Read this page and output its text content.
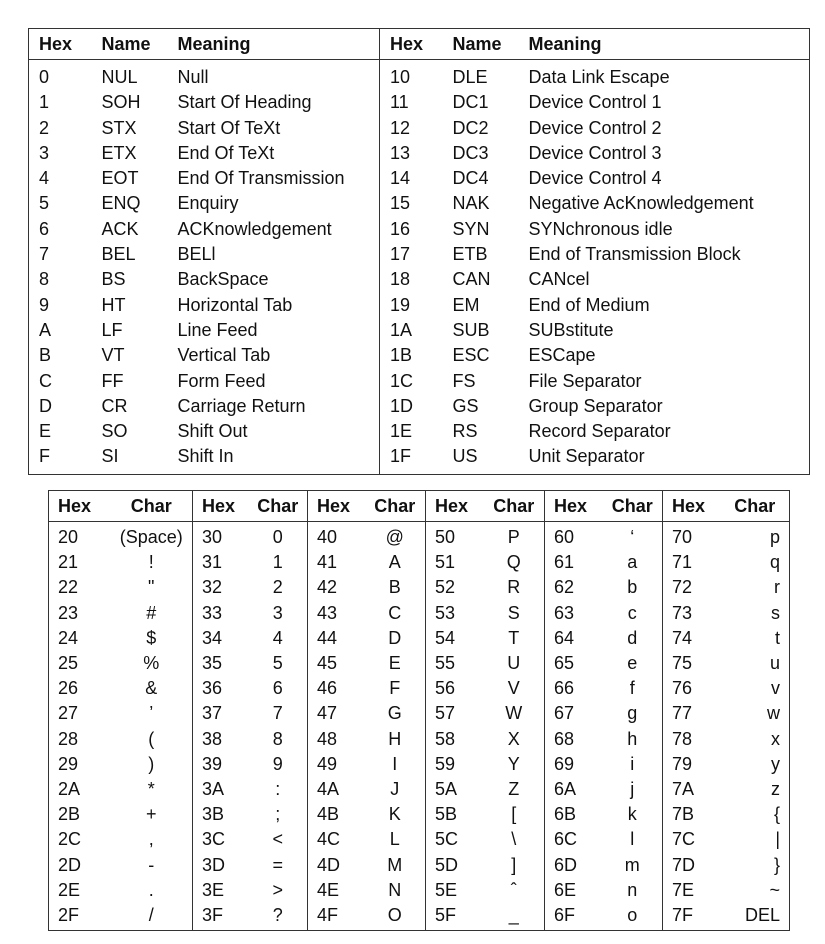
Hex	Name	Meaning	Hex	Name	Meaning
0	NUL	Null	10	DLE	Data Link Escape
1	SOH	Start Of Heading	11	DC1	Device Control 1
2	STX	Start Of TeXt	12	DC2	Device Control 2
3	ETX	End Of TeXt	13	DC3	Device Control 3
4	EOT	End Of Transmission	14	DC4	Device Control 4
5	ENQ	Enquiry	15	NAK	Negative AcKnowledgement
6	ACK	ACKnowledgement	16	SYN	SYNchronous idle
7	BEL	BELl	17	ETB	End of Transmission Block
8	BS	BackSpace	18	CAN	CANcel
9	HT	Horizontal Tab	19	EM	End of Medium
A	LF	Line Feed	1A	SUB	SUBstitute
B	VT	Vertical Tab	1B	ESC	ESCape
C	FF	Form Feed	1C	FS	File Separator
D	CR	Carriage Return	1D	GS	Group Separator
E	SO	Shift Out	1E	RS	Record Separator
F	SI	Shift In	1F	US	Unit Separator
Hex	Char	Hex	Char	Hex	Char	Hex	Char	Hex	Char	Hex	Char
20	(Space)	30	0	40	@	50	P	60	‘	70	p
21	!	31	1	41	A	51	Q	61	a	71	q
22	"	32	2	42	B	52	R	62	b	72	r
23	#	33	3	43	C	53	S	63	c	73	s
24	$	34	4	44	D	54	T	64	d	74	t
25	%	35	5	45	E	55	U	65	e	75	u
26	&	36	6	46	F	56	V	66	f	76	v
27	’	37	7	47	G	57	W	67	g	77	w
28	(	38	8	48	H	58	X	68	h	78	x
29	)	39	9	49	I	59	Y	69	i	79	y
2A	*	3A	:	4A	J	5A	Z	6A	j	7A	z
2B	+	3B	;	4B	K	5B	[	6B	k	7B	{
2C	,	3C	<	4C	L	5C	\	6C	l	7C	|
2D	-	3D	=	4D	M	5D	]	6D	m	7D	}
2E	.	3E	>	4E	N	5E	ˆ	6E	n	7E	~
2F	/	3F	?	4F	O	5F	_	6F	o	7F	DEL
